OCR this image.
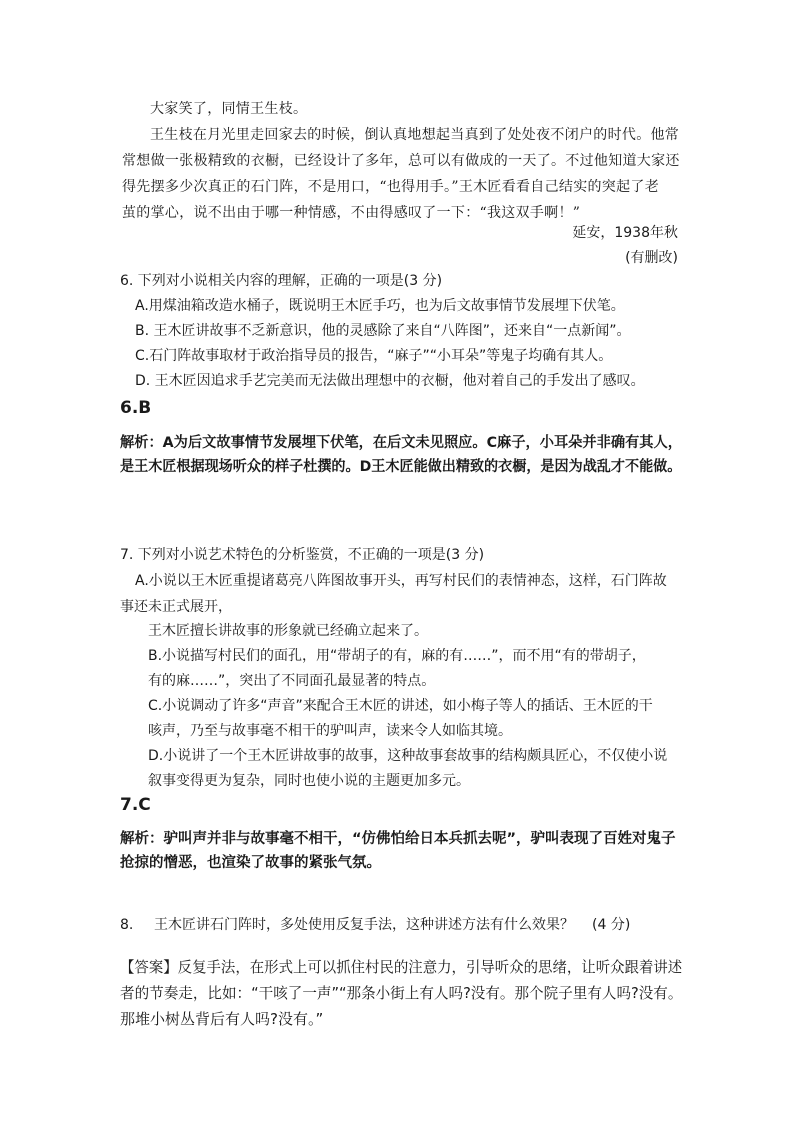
大家笑了，同情王生枝。
王生枝在月光里走回家去的时候，倒认真地想起当真到了处处夜不闭户的时代。他常
常想做一张极精致的衣橱，已经设计了多年，总可以有做成的一天了。不过他知道大家还
得先摆多少次真正的石门阵，不是用口，“也得用手。”王木匠看看自己结实的突起了老
茧的掌心，说不出由于哪一种情感，不由得感叹了一下：“我这双手啊！”
延安，1938年秋
(有删改)
6. 下列对小说相关内容的理解，正确的一项是(3 分)
A.用煤油箱改造水桶子，既说明王木匠手巧，也为后文故事情节发展埋下伏笔。
B. 王木匠讲故事不乏新意识，他的灵感除了来自“八阵图”，还来自“一点新闻”。
C.石门阵故事取材于政治指导员的报告，“麻子”“小耳朵”等鬼子均确有其人。
D. 王木匠因追求手艺完美而无法做出理想中的衣橱，他对着自己的手发出了感叹。
6.B
解析：A为后文故事情节发展埋下伏笔，在后文未见照应。C麻子，小耳朵并非确有其人，
是王木匠根据现场听众的样子杜撰的。D王木匠能做出精致的衣橱，是因为战乱才不能做。
7. 下列对小说艺术特色的分析鉴赏，不正确的一项是(3 分)
A.小说以王木匠重提诸葛亮八阵图故事开头，再写村民们的表情神态，这样，石门阵故
事还未正式展开，
王木匠擅长讲故事的形象就已经确立起来了。
B.小说描写村民们的面孔，用“带胡子的有，麻的有……”，而不用“有的带胡子，
有的麻……”，突出了不同面孔最显著的特点。
C.小说调动了许多“声音”来配合王木匠的讲述，如小梅子等人的插话、王木匠的干
咳声，乃至与故事毫不相干的驴叫声，读来令人如临其境。
D.小说讲了一个王木匠讲故事的故事，这种故事套故事的结构颇具匠心，不仅使小说
叙事变得更为复杂，同时也使小说的主题更加多元。
7.C
解析：驴叫声并非与故事毫不相干，“仿佛怕给日本兵抓去呢”，驴叫表现了百姓对鬼子
抢掠的憎恶，也渲染了故事的紧张气氛。
8. 王木匠讲石门阵时，多处使用反复手法，这种讲述方法有什么效果？ (4 分)
【答案】反复手法，在形式上可以抓住村民的注意力，引导听众的思绪，让听众跟着讲述
者的节奏走，比如：“干咳了一声”“那条小街上有人吗?没有。那个院子里有人吗?没有。
那堆小树丛背后有人吗?没有。”
